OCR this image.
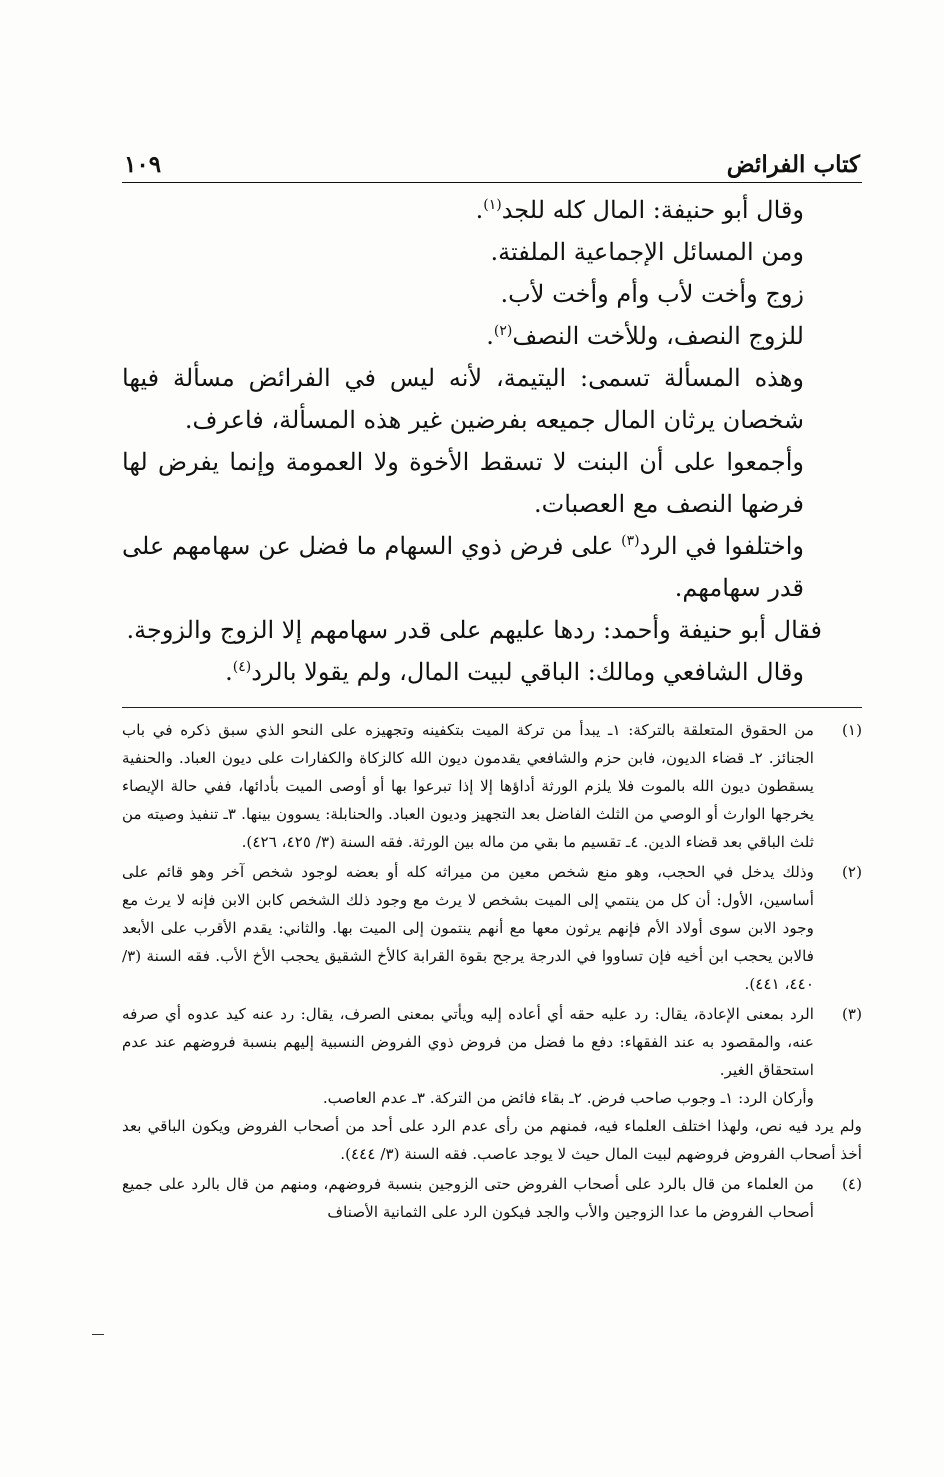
كتاب الفرائض
١٠٩

وقال أبو حنيفة: المال كله للجد$^{(١)}$.

ومن المسائل الإجماعية الملفتة.

زوج وأخت لأب وأم وأخت لأب.

للزوج النصف، وللأخت النصف$^{(٢)}$.

وهذه المسألة تسمى: اليتيمة، لأنه ليس في الفرائض مسألة فيها شخصان يرثان المال جميعه بفرضين غير هذه المسألة، فاعرف.

وأجمعوا على أن البنت لا تسقط الأخوة ولا العمومة وإنما يفرض لها فرضها النصف مع العصبات.

واختلفوا في الرد$^{(٣)}$ على فرض ذوي السهام ما فضل عن سهامهم على قدر سهامهم.

فقال أبو حنيفة وأحمد: ردها عليهم على قدر سهامهم إلا الزوج والزوجة.

وقال الشافعي ومالك: الباقي لبيت المال، ولم يقولا بالرد$^{(٤)}$.

(١)
من الحقوق المتعلقة بالتركة: ١ـ يبدأ من تركة الميت بتكفينه وتجهيزه على النحو الذي سبق ذكره في باب الجنائز. ٢ـ قضاء الديون، فابن حزم والشافعي يقدمون ديون الله كالزكاة والكفارات على ديون العباد. والحنفية يسقطون ديون الله بالموت فلا يلزم الورثة أداؤها إلا إذا تبرعوا بها أو أوصى الميت بأدائها، ففي حالة الإيصاء يخرجها الوارث أو الوصي من الثلث الفاضل بعد التجهيز وديون العباد. والحنابلة: يسوون بينها. ٣ـ تنفيذ وصيته من ثلث الباقي بعد قضاء الدين. ٤ـ تقسيم ما بقي من ماله بين الورثة. فقه السنة (٣/ ٤٢٥، ٤٢٦).
(٢)
وذلك يدخل في الحجب، وهو منع شخص معين من ميراثه كله أو بعضه لوجود شخص آخر وهو قائم على أساسين، الأول: أن كل من ينتمي إلى الميت بشخص لا يرث مع وجود ذلك الشخص كابن الابن فإنه لا يرث مع وجود الابن سوى أولاد الأم فإنهم يرثون معها مع أنهم ينتمون إلى الميت بها. والثاني: يقدم الأقرب على الأبعد فالابن يحجب ابن أخيه فإن تساووا في الدرجة يرجح بقوة القرابة كالأخ الشقيق يحجب الأخ الأب. فقه السنة (٣/ ٤٤٠، ٤٤١).
(٣)
الرد بمعنى الإعادة، يقال: رد عليه حقه أي أعاده إليه ويأتي بمعنى الصرف، يقال: رد عنه كيد عدوه أي صرفه عنه، والمقصود به عند الفقهاء: دفع ما فضل من فروض ذوي الفروض النسبية إليهم بنسبة فروضهم عند عدم استحقاق الغير.
وأركان الرد: ١ـ وجوب صاحب فرض. ٢ـ بقاء فائض من التركة. ٣ـ عدم العاصب.
ولم يرد فيه نص، ولهذا اختلف العلماء فيه، فمنهم من رأى عدم الرد على أحد من أصحاب الفروض ويكون الباقي بعد أخذ أصحاب الفروض فروضهم لبيت المال حيث لا يوجد عاصب. فقه السنة (٣/ ٤٤٤).
(٤)
من العلماء من قال بالرد على أصحاب الفروض حتى الزوجين بنسبة فروضهم، ومنهم من قال بالرد على جميع أصحاب الفروض ما عدا الزوجين والأب والجد فيكون الرد على الثمانية الأصناف
